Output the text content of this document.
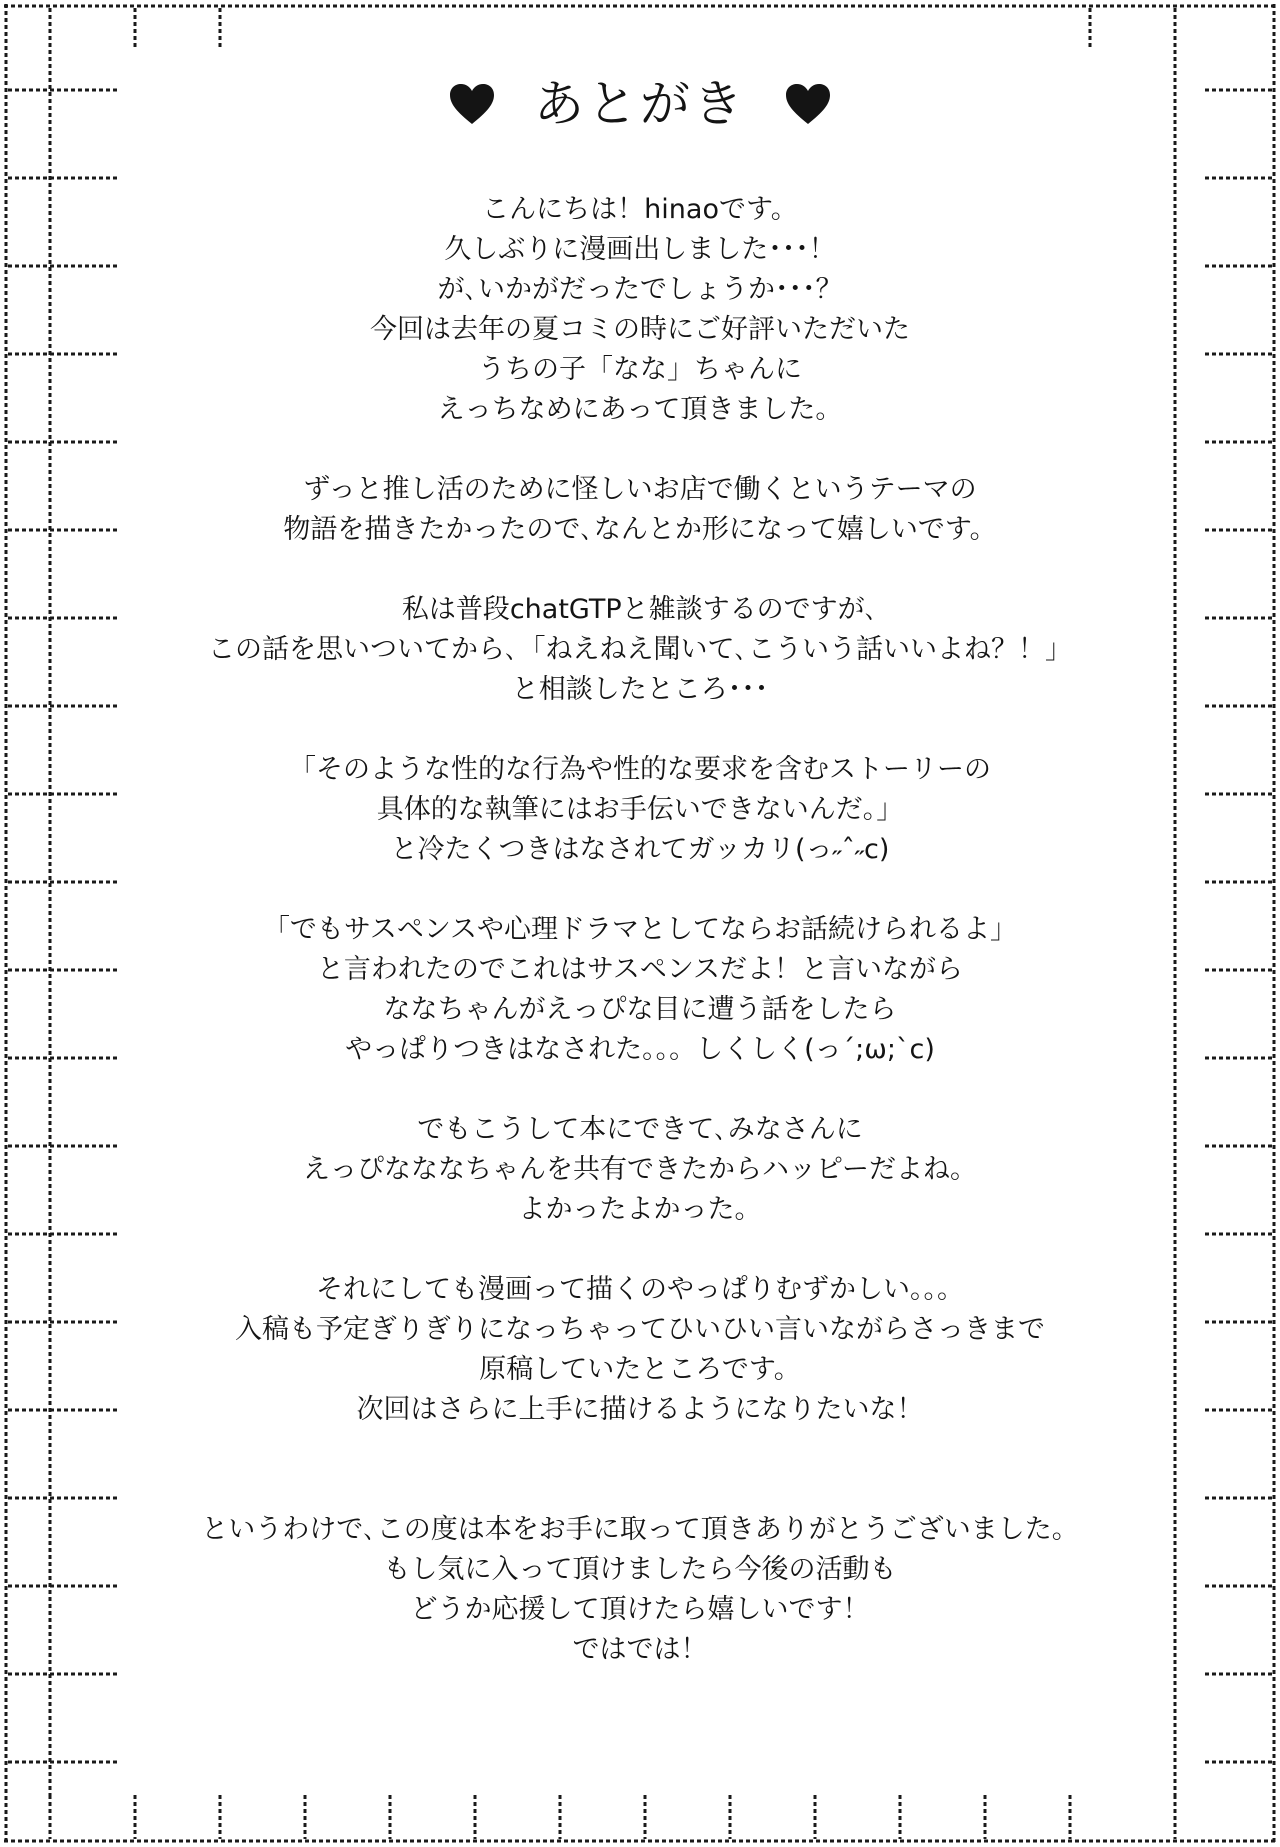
あとがき
こんにちは！hinaoです。
久しぶりに漫画出しました･･･！
が､いかがだったでしょうか･･･？
今回は去年の夏コミの時にご好評いただいた
うちの子「なな」ちゃんに
えっちなめにあって頂きました。
ずっと推し活のために怪しいお店で働くというテーマの
物語を描きたかったので､なんとか形になって嬉しいです。
私は普段chatGTPと雑談するのですが､
この話を思いついてから､「ねえねえ聞いて､こういう話いいよね？！」
と相談したところ･･･
「そのような性的な行為や性的な要求を含むストーリーの
具体的な執筆にはお手伝いできないんだ。」
と冷たくつきはなされてガッカリ(っ˶ˆ˶c)
「でもサスペンスや心理ドラマとしてならお話続けられるよ」
と言われたのでこれはサスペンスだよ！と言いながら
ななちゃんがえっぴな目に遭う話をしたら
やっぱりつきはなされた。。。しくしく(っ´;ω;`c)
でもこうして本にできて､みなさんに
えっぴなななちゃんを共有できたからハッピーだよね。
よかったよかった。
それにしても漫画って描くのやっぱりむずかしい。。。
入稿も予定ぎりぎりになっちゃってひいひい言いながらさっきまで
原稿していたところです。
次回はさらに上手に描けるようになりたいな！
というわけで､この度は本をお手に取って頂きありがとうございました。
もし気に入って頂けましたら今後の活動も
どうか応援して頂けたら嬉しいです！
ではでは！
